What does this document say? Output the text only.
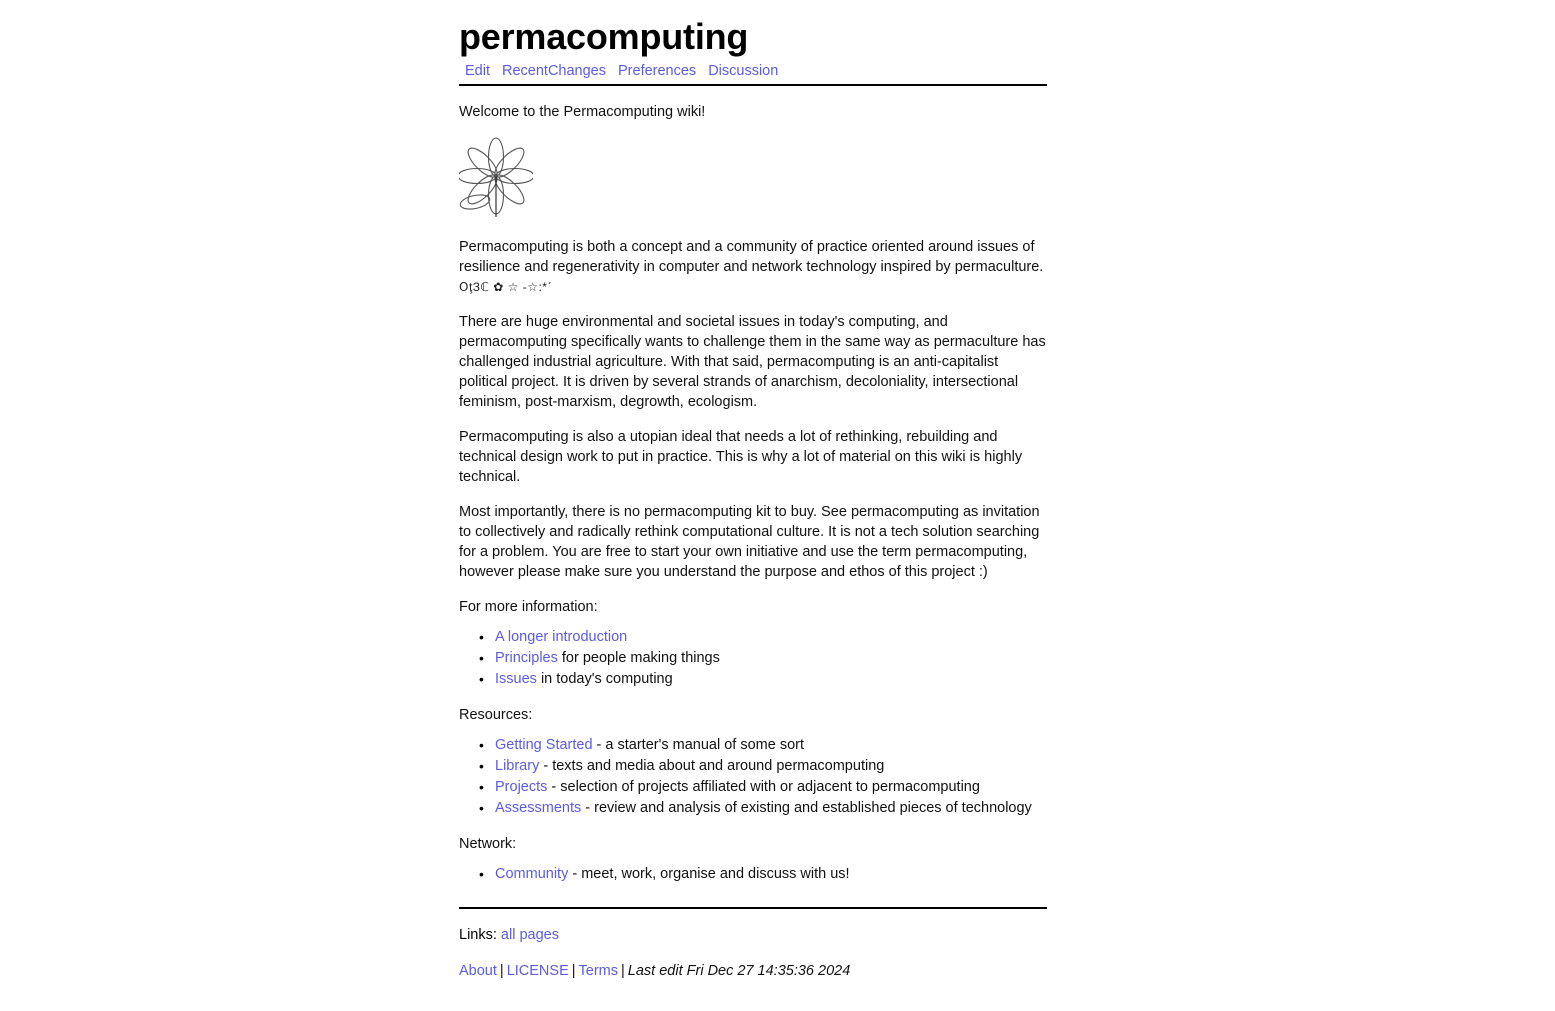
permacomputing
Edit RecentChanges Preferences Discussion

Welcome to the Permacomputing wiki!

Permacomputing is both a concept and a community of practice oriented around issues of resilience and regenerativity in computer and network technology inspired by permaculture.
ՕţЗℂ ✿ ☆ -☆:*ˊ

There are huge environmental and societal issues in today's computing, and permacomputing specifically wants to challenge them in the same way as permaculture has challenged industrial agriculture. With that said, permacomputing is an anti-capitalist political project. It is driven by several strands of anarchism, decoloniality, intersectional feminism, post-marxism, degrowth, ecologism.

Permacomputing is also a utopian ideal that needs a lot of rethinking, rebuilding and technical design work to put in practice. This is why a lot of material on this wiki is highly technical.

Most importantly, there is no permacomputing kit to buy. See permacomputing as invitation to collectively and radically rethink computational culture. It is not a tech solution searching for a problem. You are free to start your own initiative and use the term permacomputing, however please make sure you understand the purpose and ethos of this project :)

For more information:

• A longer introduction
• Principles for people making things
• Issues in today's computing

Resources:

• Getting Started - a starter's manual of some sort
• Library - texts and media about and around permacomputing
• Projects - selection of projects affiliated with or adjacent to permacomputing
• Assessments - review and analysis of existing and established pieces of technology

Network:

• Community - meet, work, organise and discuss with us!
Links: all pages
About | LICENSE | Terms | Last edit Fri Dec 27 14:35:36 2024
